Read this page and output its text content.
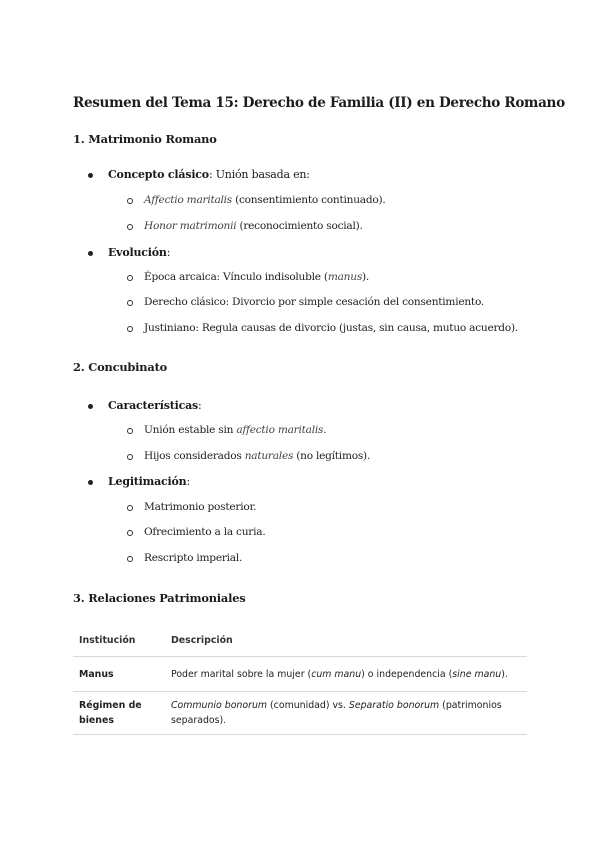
Resumen del Tema 15: Derecho de Familia (II) en Derecho Romano
1. Matrimonio Romano
Concepto clásico: Unión basada en:
Affectio maritalis (consentimiento continuado).
Honor matrimonii (reconocimiento social).
Evolución:
Época arcaica: Vínculo indisoluble (manus).
Derecho clásico: Divorcio por simple cesación del consentimiento.
Justiniano: Regula causas de divorcio (justas, sin causa, mutuo acuerdo).
2. Concubinato
Características:
Unión estable sin affectio maritalis.
Hijos considerados naturales (no legítimos).
Legitimación:
Matrimonio posterior.
Ofrecimiento a la curia.
Rescripto imperial.
3. Relaciones Patrimoniales
Institución	Descripción
Manus	Poder marital sobre la mujer (cum manu) o independencia (sine manu).
Régimen de
bienes	Communio bonorum (comunidad) vs. Separatio bonorum (patrimonios separados).
